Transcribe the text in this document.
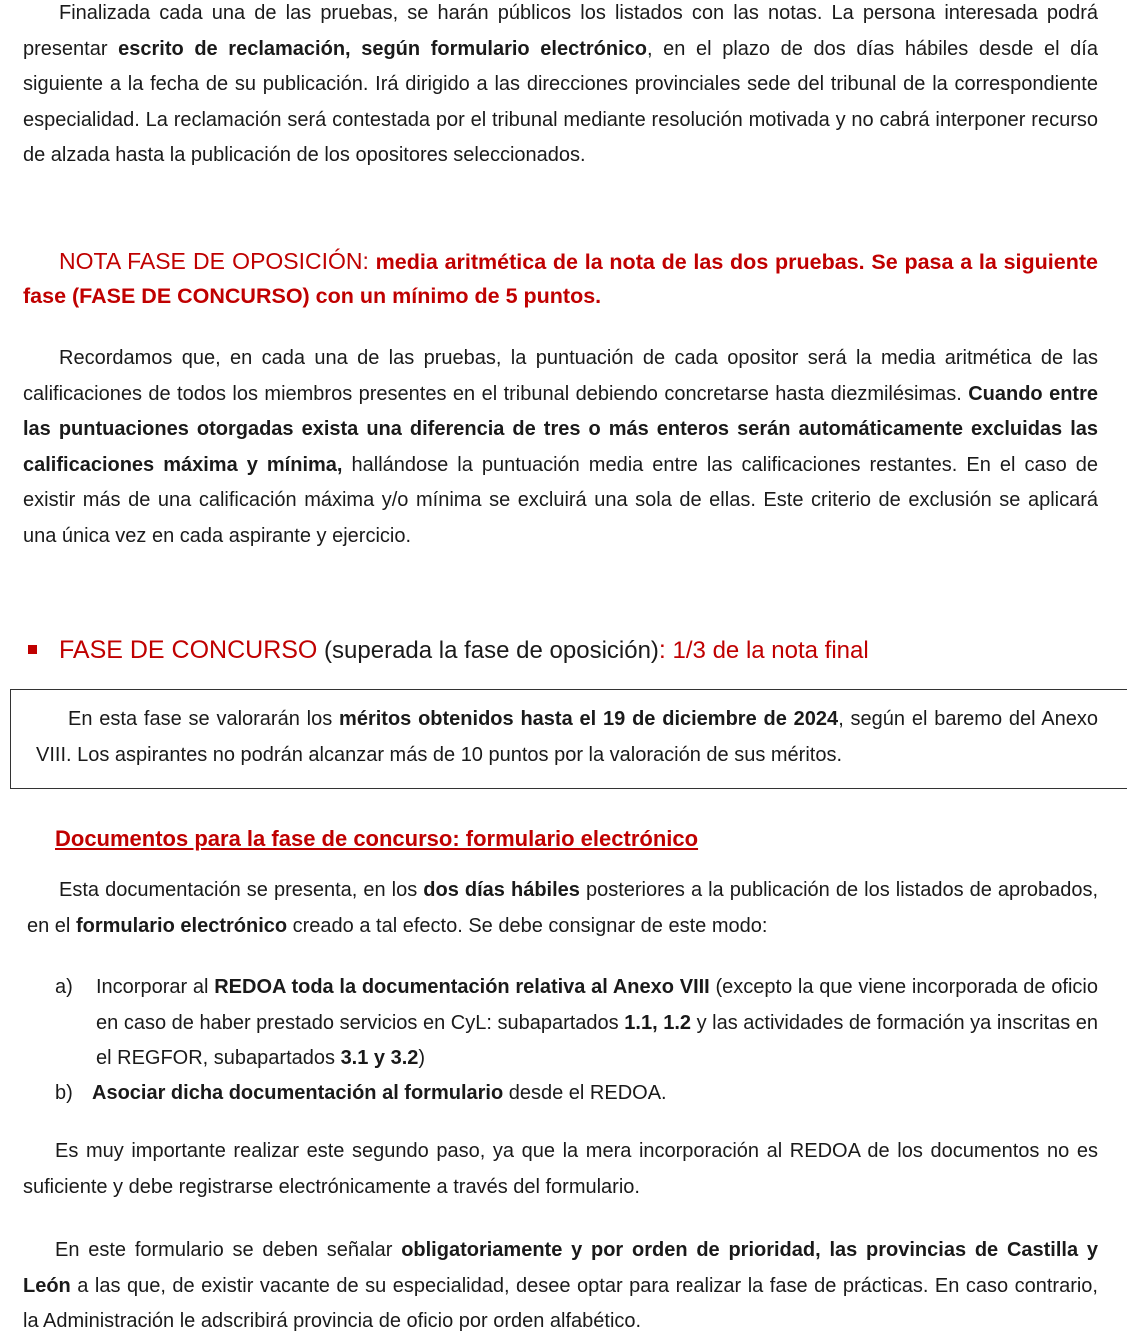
Finalizada cada una de las pruebas, se harán públicos los listados con las notas. La persona interesada podrá presentar escrito de reclamación, según formulario electrónico, en el plazo de dos días hábiles desde el día siguiente a la fecha de su publicación. Irá dirigido a las direcciones provinciales sede del tribunal de la correspondiente especialidad. La reclamación será contestada por el tribunal mediante resolución motivada y no cabrá interponer recurso de alzada hasta la publicación de los opositores seleccionados.

NOTA FASE DE OPOSICIÓN: media aritmética de la nota de las dos pruebas. Se pasa a la siguiente fase (FASE DE CONCURSO) con un mínimo de 5 puntos.

Recordamos que, en cada una de las pruebas, la puntuación de cada opositor será la media aritmética de las calificaciones de todos los miembros presentes en el tribunal debiendo concretarse hasta diezmilésimas. Cuando entre las puntuaciones otorgadas exista una diferencia de tres o más enteros serán automáticamente excluidas las calificaciones máxima y mínima, hallándose la puntuación media entre las calificaciones restantes. En el caso de existir más de una calificación máxima y/o mínima se excluirá una sola de ellas. Este criterio de exclusión se aplicará una única vez en cada aspirante y ejercicio.

FASE DE CONCURSO (superada la fase de oposición): 1/3 de la nota final

En esta fase se valorarán los méritos obtenidos hasta el 19 de diciembre de 2024, según el baremo del Anexo VIII. Los aspirantes no podrán alcanzar más de 10 puntos por la valoración de sus méritos.

Documentos para la fase de concurso: formulario electrónico

Esta documentación se presenta, en los dos días hábiles posteriores a la publicación de los listados de aprobados, en el formulario electrónico creado a tal efecto. Se debe consignar de este modo:

a)	Incorporar al REDOA toda la documentación relativa al Anexo VIII (excepto la que viene incorporada de oficio en caso de haber prestado servicios en CyL: subapartados 1.1, 1.2 y las actividades de formación ya inscritas en el REGFOR, subapartados 3.1 y 3.2)
b) Asociar dicha documentación al formulario desde el REDOA.

Es muy importante realizar este segundo paso, ya que la mera incorporación al REDOA de los documentos no es suficiente y debe registrarse electrónicamente a través del formulario.

En este formulario se deben señalar obligatoriamente y por orden de prioridad, las provincias de Castilla y León a las que, de existir vacante de su especialidad, desee optar para realizar la fase de prácticas. En caso contrario, la Administración le adscribirá provincia de oficio por orden alfabético.
